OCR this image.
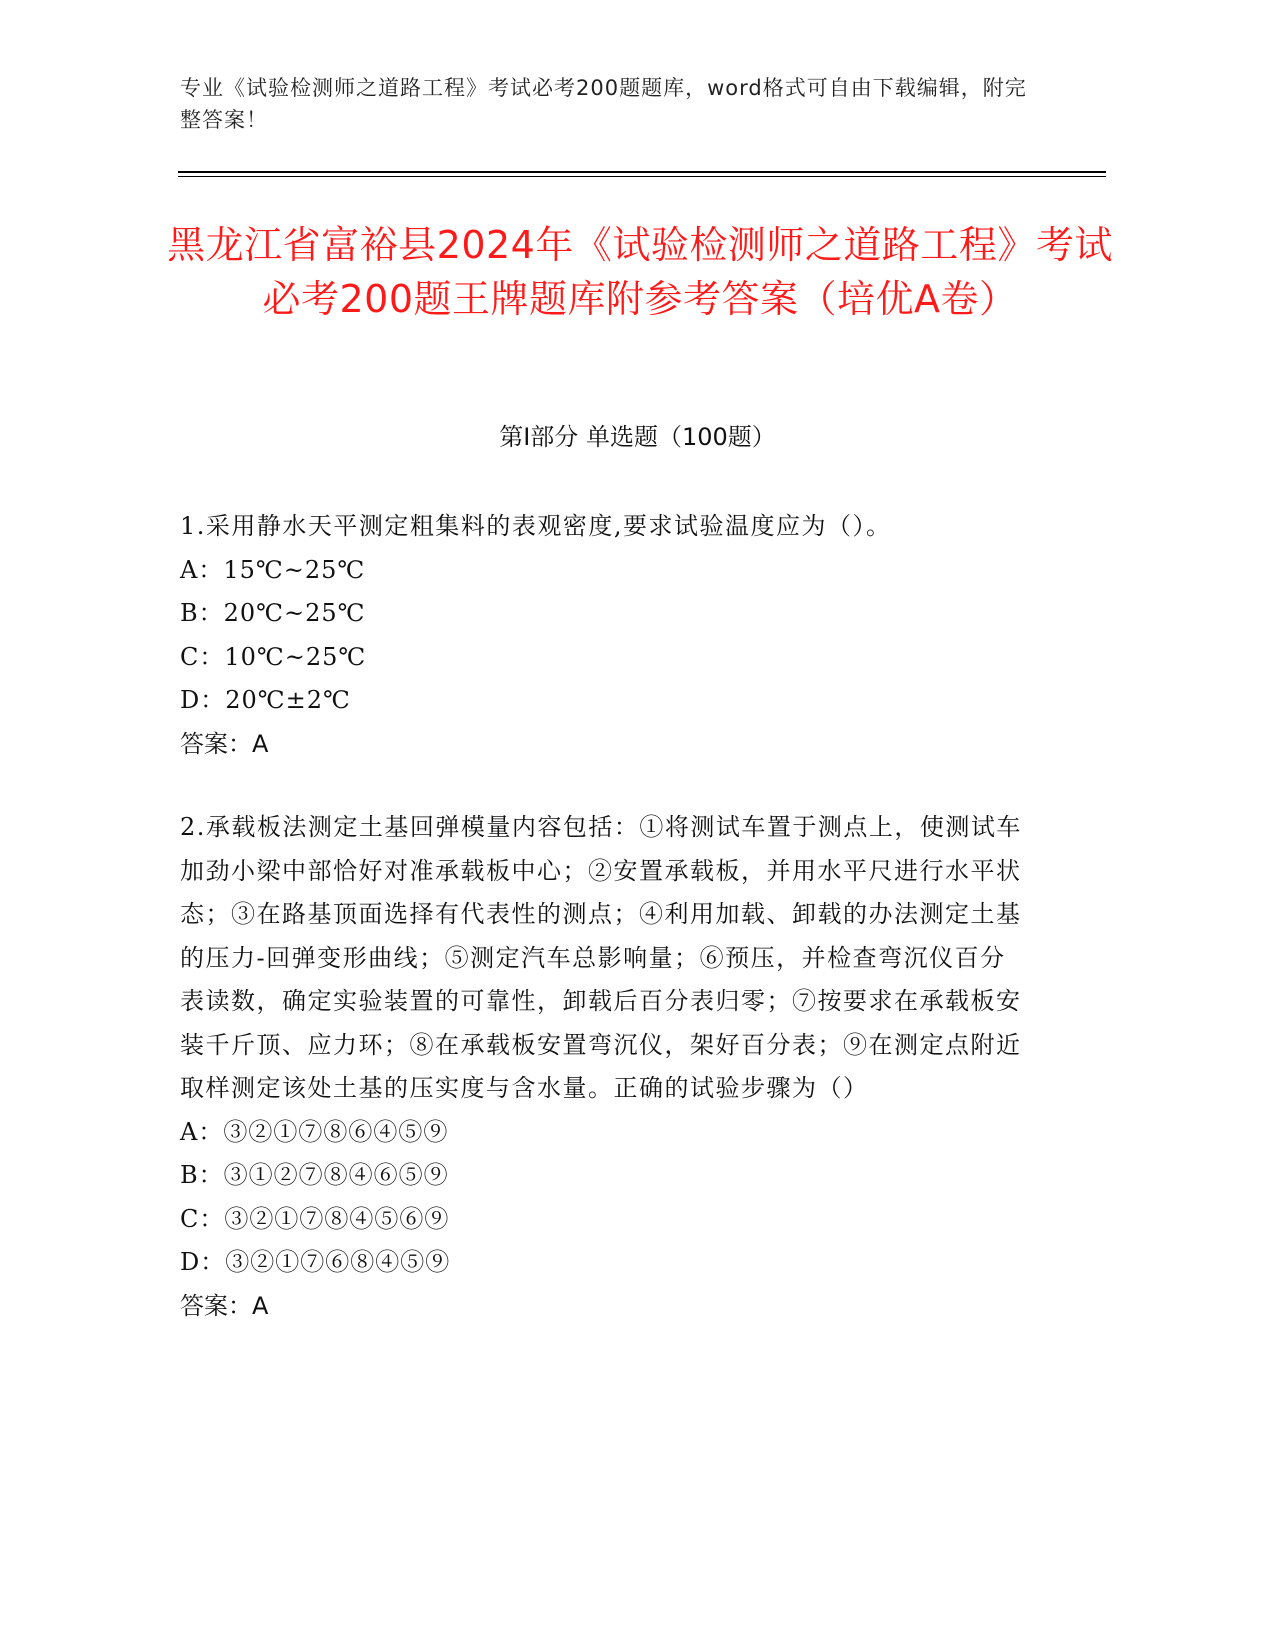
专业《试验检测师之道路工程》考试必考200题题库，word格式可自由下载编辑，附完整答案！
黑龙江省富裕县2024年《试验检测师之道路工程》考试必考200题王牌题库附参考答案（培优A卷）
第Ⅰ部分 单选题（100题）

1.采用静水天平测定粗集料的表观密度,要求试验温度应为（）。

A：15℃~25℃

B：20℃~25℃

C：10℃~25℃

D：20℃±2℃

答案：A

2.承载板法测定土基回弹模量内容包括：①将测试车置于测点上，使测试车加劲小梁中部恰好对准承载板中心；②安置承载板，并用水平尺进行水平状态；③在路基顶面选择有代表性的测点；④利用加载、卸载的办法测定土基的压力-回弹变形曲线；⑤测定汽车总影响量；⑥预压，并检查弯沉仪百分表读数，确定实验装置的可靠性，卸载后百分表归零；⑦按要求在承载板安装千斤顶、应力环；⑧在承载板安置弯沉仪，架好百分表；⑨在测定点附近取样测定该处土基的压实度与含水量。正确的试验步骤为（）

A：③②①⑦⑧⑥④⑤⑨

B：③①②⑦⑧④⑥⑤⑨

C：③②①⑦⑧④⑤⑥⑨

D：③②①⑦⑥⑧④⑤⑨

答案：A
